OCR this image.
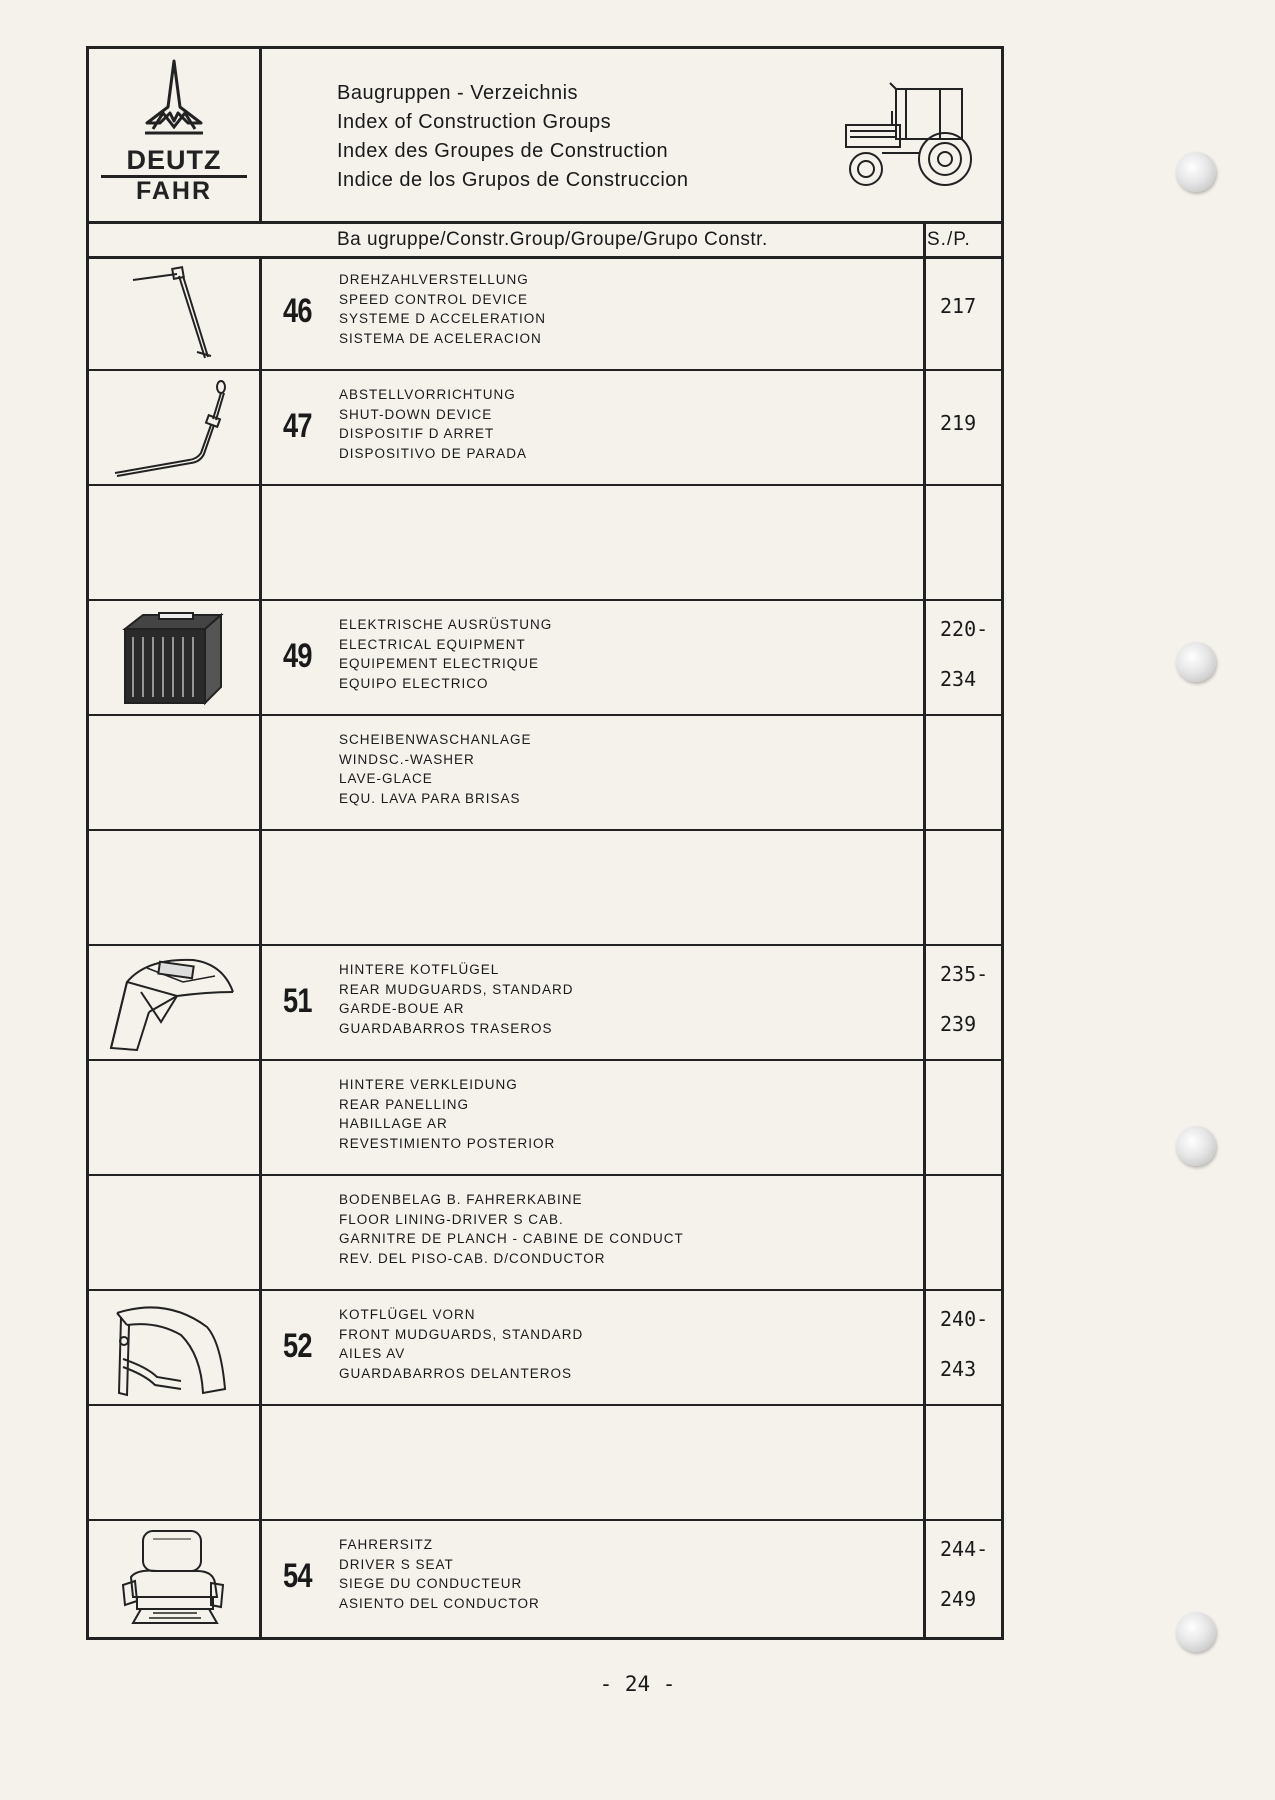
DEUTZ
FAHR
Baugruppen - Verzeichnis
Index of Construction Groups
Index des Groupes de Construction
Indice de los Grupos de Construccion
Ba ugruppe/Constr.Group/Groupe/Grupo Constr.	S./P.
46
DREHZAHLVERSTELLUNG
SPEED CONTROL DEVICE
SYSTEME D ACCELERATION
SISTEMA DE ACELERACION
217
47
ABSTELLVORRICHTUNG
SHUT-DOWN DEVICE
DISPOSITIF D ARRET
DISPOSITIVO DE PARADA
219
49
ELEKTRISCHE AUSRÜSTUNG
ELECTRICAL EQUIPMENT
EQUIPEMENT ELECTRIQUE
EQUIPO ELECTRICO
220-
234
SCHEIBENWASCHANLAGE
WINDSC.-WASHER
LAVE-GLACE
EQU. LAVA PARA BRISAS
51
HINTERE KOTFLÜGEL
REAR MUDGUARDS, STANDARD
GARDE-BOUE AR
GUARDABARROS TRASEROS
235-
239
HINTERE VERKLEIDUNG
REAR PANELLING
HABILLAGE AR
REVESTIMIENTO POSTERIOR
BODENBELAG B. FAHRERKABINE
FLOOR LINING-DRIVER S CAB.
GARNITRE DE PLANCH - CABINE DE CONDUCT
REV. DEL PISO-CAB. D/CONDUCTOR
52
KOTFLÜGEL VORN
FRONT MUDGUARDS, STANDARD
AILES AV
GUARDABARROS DELANTEROS
240-
243
54
FAHRERSITZ
DRIVER S SEAT
SIEGE DU CONDUCTEUR
ASIENTO DEL CONDUCTOR
244-
249
- 24 -
